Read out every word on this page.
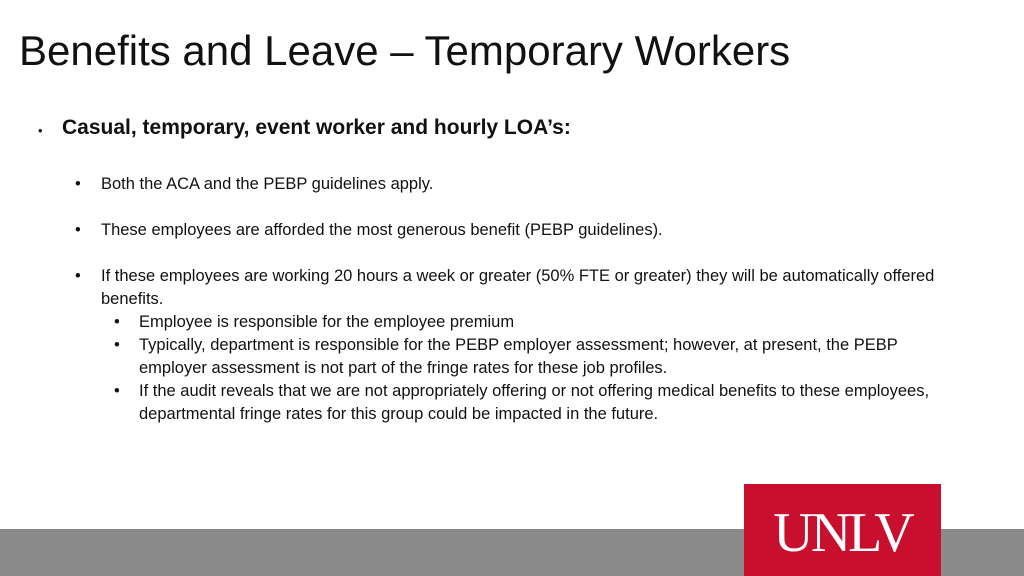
Benefits and Leave – Temporary Workers
• Casual, temporary, event worker and hourly LOA’s:
• Both the ACA and the PEBP guidelines apply.
• These employees are afforded the most generous benefit (PEBP guidelines).
• If these employees are working 20 hours a week or greater (50% FTE or greater) they will be automatically offered benefits.
• Employee is responsible for the employee premium
• Typically, department is responsible for the PEBP employer assessment; however, at present, the PEBP employer assessment is not part of the fringe rates for these job profiles.
• If the audit reveals that we are not appropriately offering or not offering medical benefits to these employees, departmental fringe rates for this group could be impacted in the future.
UNLV
